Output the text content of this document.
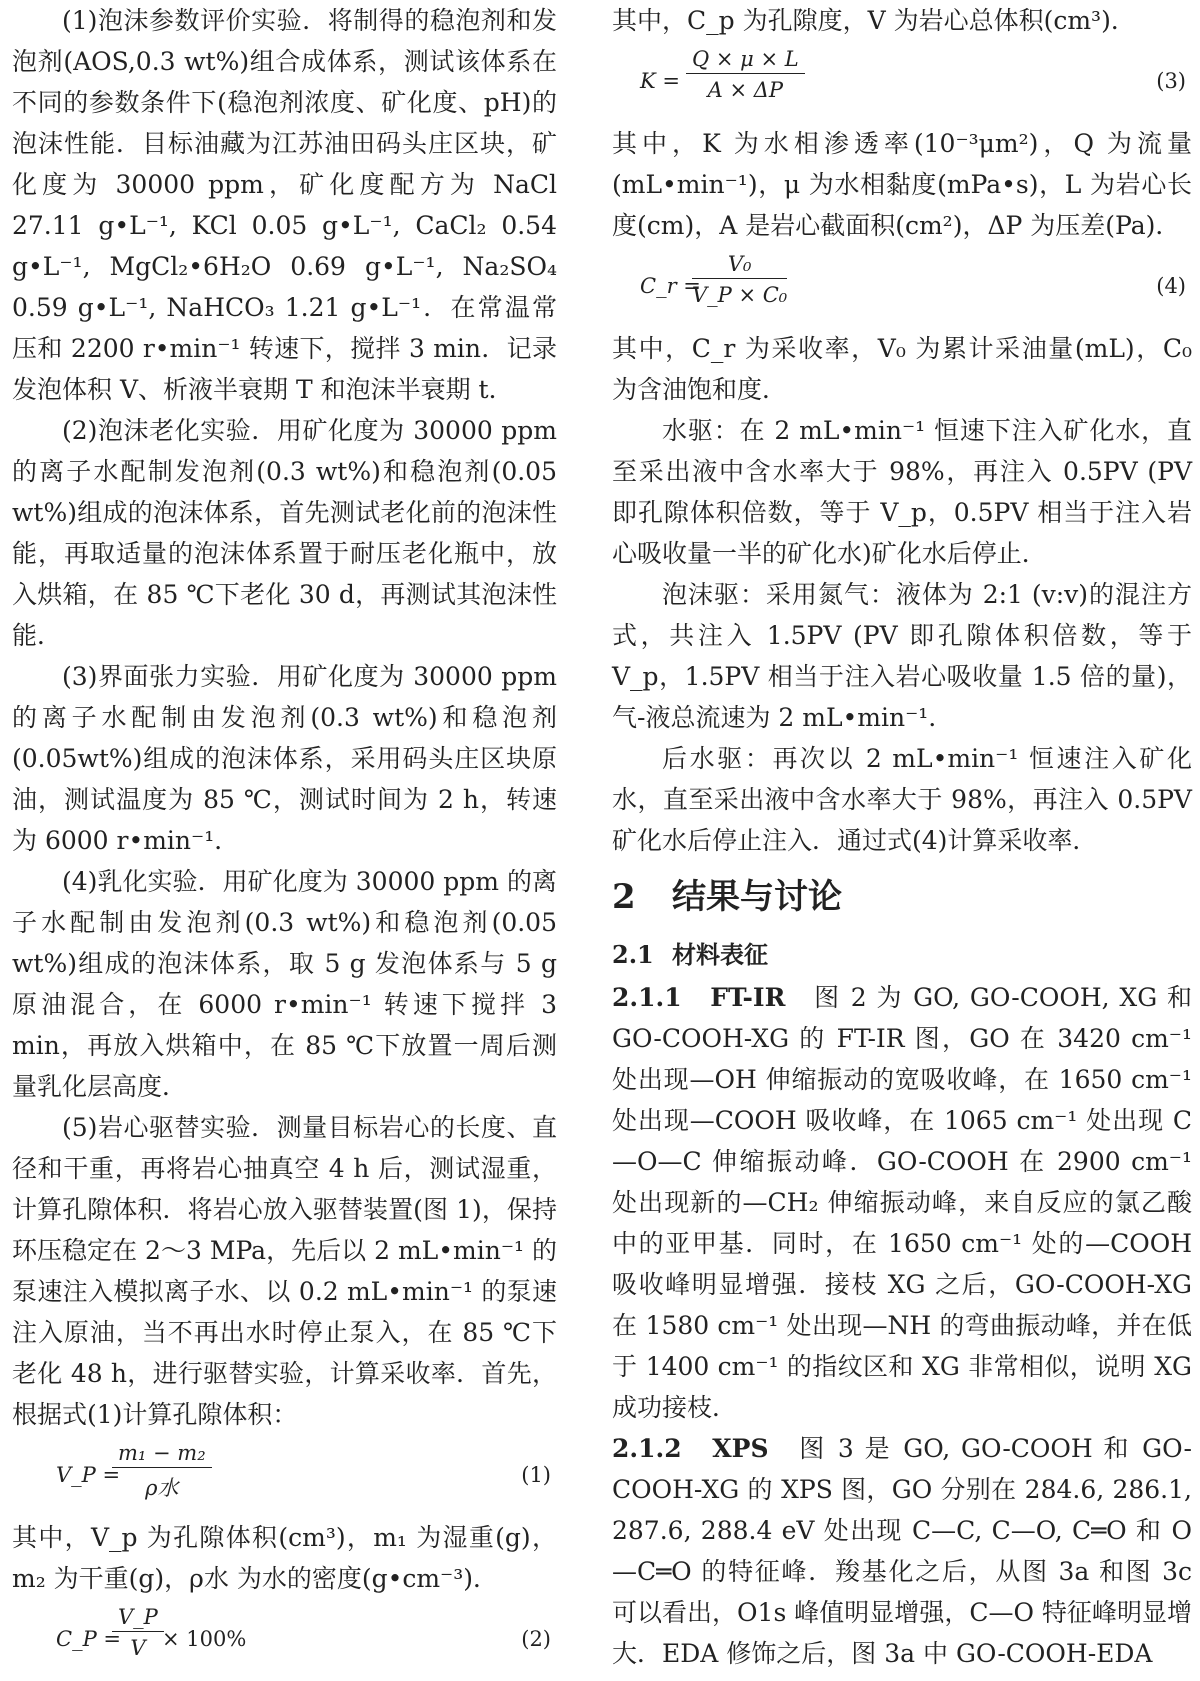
(1)泡沫参数评价实验．将制得的稳泡剂和发泡剂(AOS,0.3 wt%)组合成体系，测试该体系在不同的参数条件下(稳泡剂浓度、矿化度、pH)的泡沫性能．目标油藏为江苏油田码头庄区块，矿化度为 30000 ppm，矿化度配方为 NaCl 27.11 g•L⁻¹, KCl 0.05 g•L⁻¹, CaCl₂ 0.54 g•L⁻¹, MgCl₂•6H₂O 0.69 g•L⁻¹, Na₂SO₄ 0.59 g•L⁻¹, NaHCO₃ 1.21 g•L⁻¹．在常温常压和 2200 r•min⁻¹ 转速下，搅拌 3 min．记录发泡体积 V、析液半衰期 T 和泡沫半衰期 t．

(2)泡沫老化实验．用矿化度为 30000 ppm 的离子水配制发泡剂(0.3 wt%)和稳泡剂(0.05 wt%)组成的泡沫体系，首先测试老化前的泡沫性能，再取适量的泡沫体系置于耐压老化瓶中，放入烘箱，在 85 ℃下老化 30 d，再测试其泡沫性能．

(3)界面张力实验．用矿化度为 30000 ppm 的离子水配制由发泡剂(0.3 wt%)和稳泡剂(0.05wt%)组成的泡沫体系，采用码头庄区块原油，测试温度为 85 ℃，测试时间为 2 h，转速为 6000 r•min⁻¹．

(4)乳化实验．用矿化度为 30000 ppm 的离子水配制由发泡剂(0.3 wt%)和稳泡剂(0.05 wt%)组成的泡沫体系，取 5 g 发泡体系与 5 g 原油混合，在 6000 r•min⁻¹ 转速下搅拌 3 min，再放入烘箱中，在 85 ℃下放置一周后测量乳化层高度．

(5)岩心驱替实验．测量目标岩心的长度、直径和干重，再将岩心抽真空 4 h 后，测试湿重，计算孔隙体积．将岩心放入驱替装置(图 1)，保持环压稳定在 2～3 MPa，先后以 2 mL•min⁻¹ 的泵速注入模拟离子水、以 0.2 mL•min⁻¹ 的泵速注入原油，当不再出水时停止泵入，在 85 ℃下老化 48 h，进行驱替实验，计算采收率．首先，根据式(1)计算孔隙体积：

V_P =
m₁ − m₂
ρ水
(1)

其中，V_p 为孔隙体积(cm³)，m₁ 为湿重(g)，m₂ 为干重(g)，ρ水 为水的密度(g•cm⁻³)．

C_P =
$\frac{V\_P}{V}$
× 100%	(2)

其中，C_p 为孔隙度，V 为岩心总体积(cm³)．

$K = \frac{Q \times \mu \times L}{A \times \Delta P}$	(3)

其中，K 为水相渗透率(10⁻³μm²)，Q 为流量(mL•min⁻¹)，μ 为水相黏度(mPa•s)，L 为岩心长度(cm)，A 是岩心截面积(cm²)，ΔP 为压差(Pa)．

C_r =
$\frac{\text{V₀}}{\text{V\_P × C₀}}$	(4)

其中，C_r 为采收率，V₀ 为累计采油量(mL)，C₀ 为含油饱和度．

水驱：在 2 mL•min⁻¹ 恒速下注入矿化水，直至采出液中含水率大于 98%，再注入 0.5PV (PV 即孔隙体积倍数，等于 V_p，0.5PV 相当于注入岩心吸收量一半的矿化水)矿化水后停止．

泡沫驱：采用氮气：液体为 2:1 (v:v)的混注方式，共注入 1.5PV (PV 即孔隙体积倍数，等于 V_p，1.5PV 相当于注入岩心吸收量 1.5 倍的量)，气-液总流速为 2 mL•min⁻¹．

后水驱：再次以 2 mL•min⁻¹ 恒速注入矿化水，直至采出液中含水率大于 98%，再注入 0.5PV 矿化水后停止注入．通过式(4)计算采收率．

2 结果与讨论
2.1 材料表征

2.1.1　FT-IR　 图 2 为 GO, GO-COOH, XG 和 GO-COOH-XG 的 FT-IR 图，GO 在 3420 cm⁻¹ 处出现—OH 伸缩振动的宽吸收峰，在 1650 cm⁻¹ 处出现—COOH 吸收峰，在 1065 cm⁻¹ 处出现 C—O—C 伸缩振动峰．GO-COOH 在 2900 cm⁻¹ 处出现新的—CH₂ 伸缩振动峰，来自反应的氯乙酸中的亚甲基．同时，在 1650 cm⁻¹ 处的—COOH 吸收峰明显增强．接枝 XG 之后，GO-COOH-XG 在 1580 cm⁻¹ 处出现—NH 的弯曲振动峰，并在低于 1400 cm⁻¹ 的指纹区和 XG 非常相似，说明 XG 成功接枝．

2.1.2　XPS　 图 3 是 GO, GO-COOH 和 GO-COOH-XG 的 XPS 图，GO 分别在 284.6, 286.1, 287.6, 288.4 eV 处出现 C—C, C—O, C═O 和 O—C═O 的特征峰．羧基化之后，从图 3a 和图 3c 可以看出，O1s 峰值明显增强，C—O 特征峰明显增大．EDA 修饰之后，图 3a 中 GO-COOH-EDA
